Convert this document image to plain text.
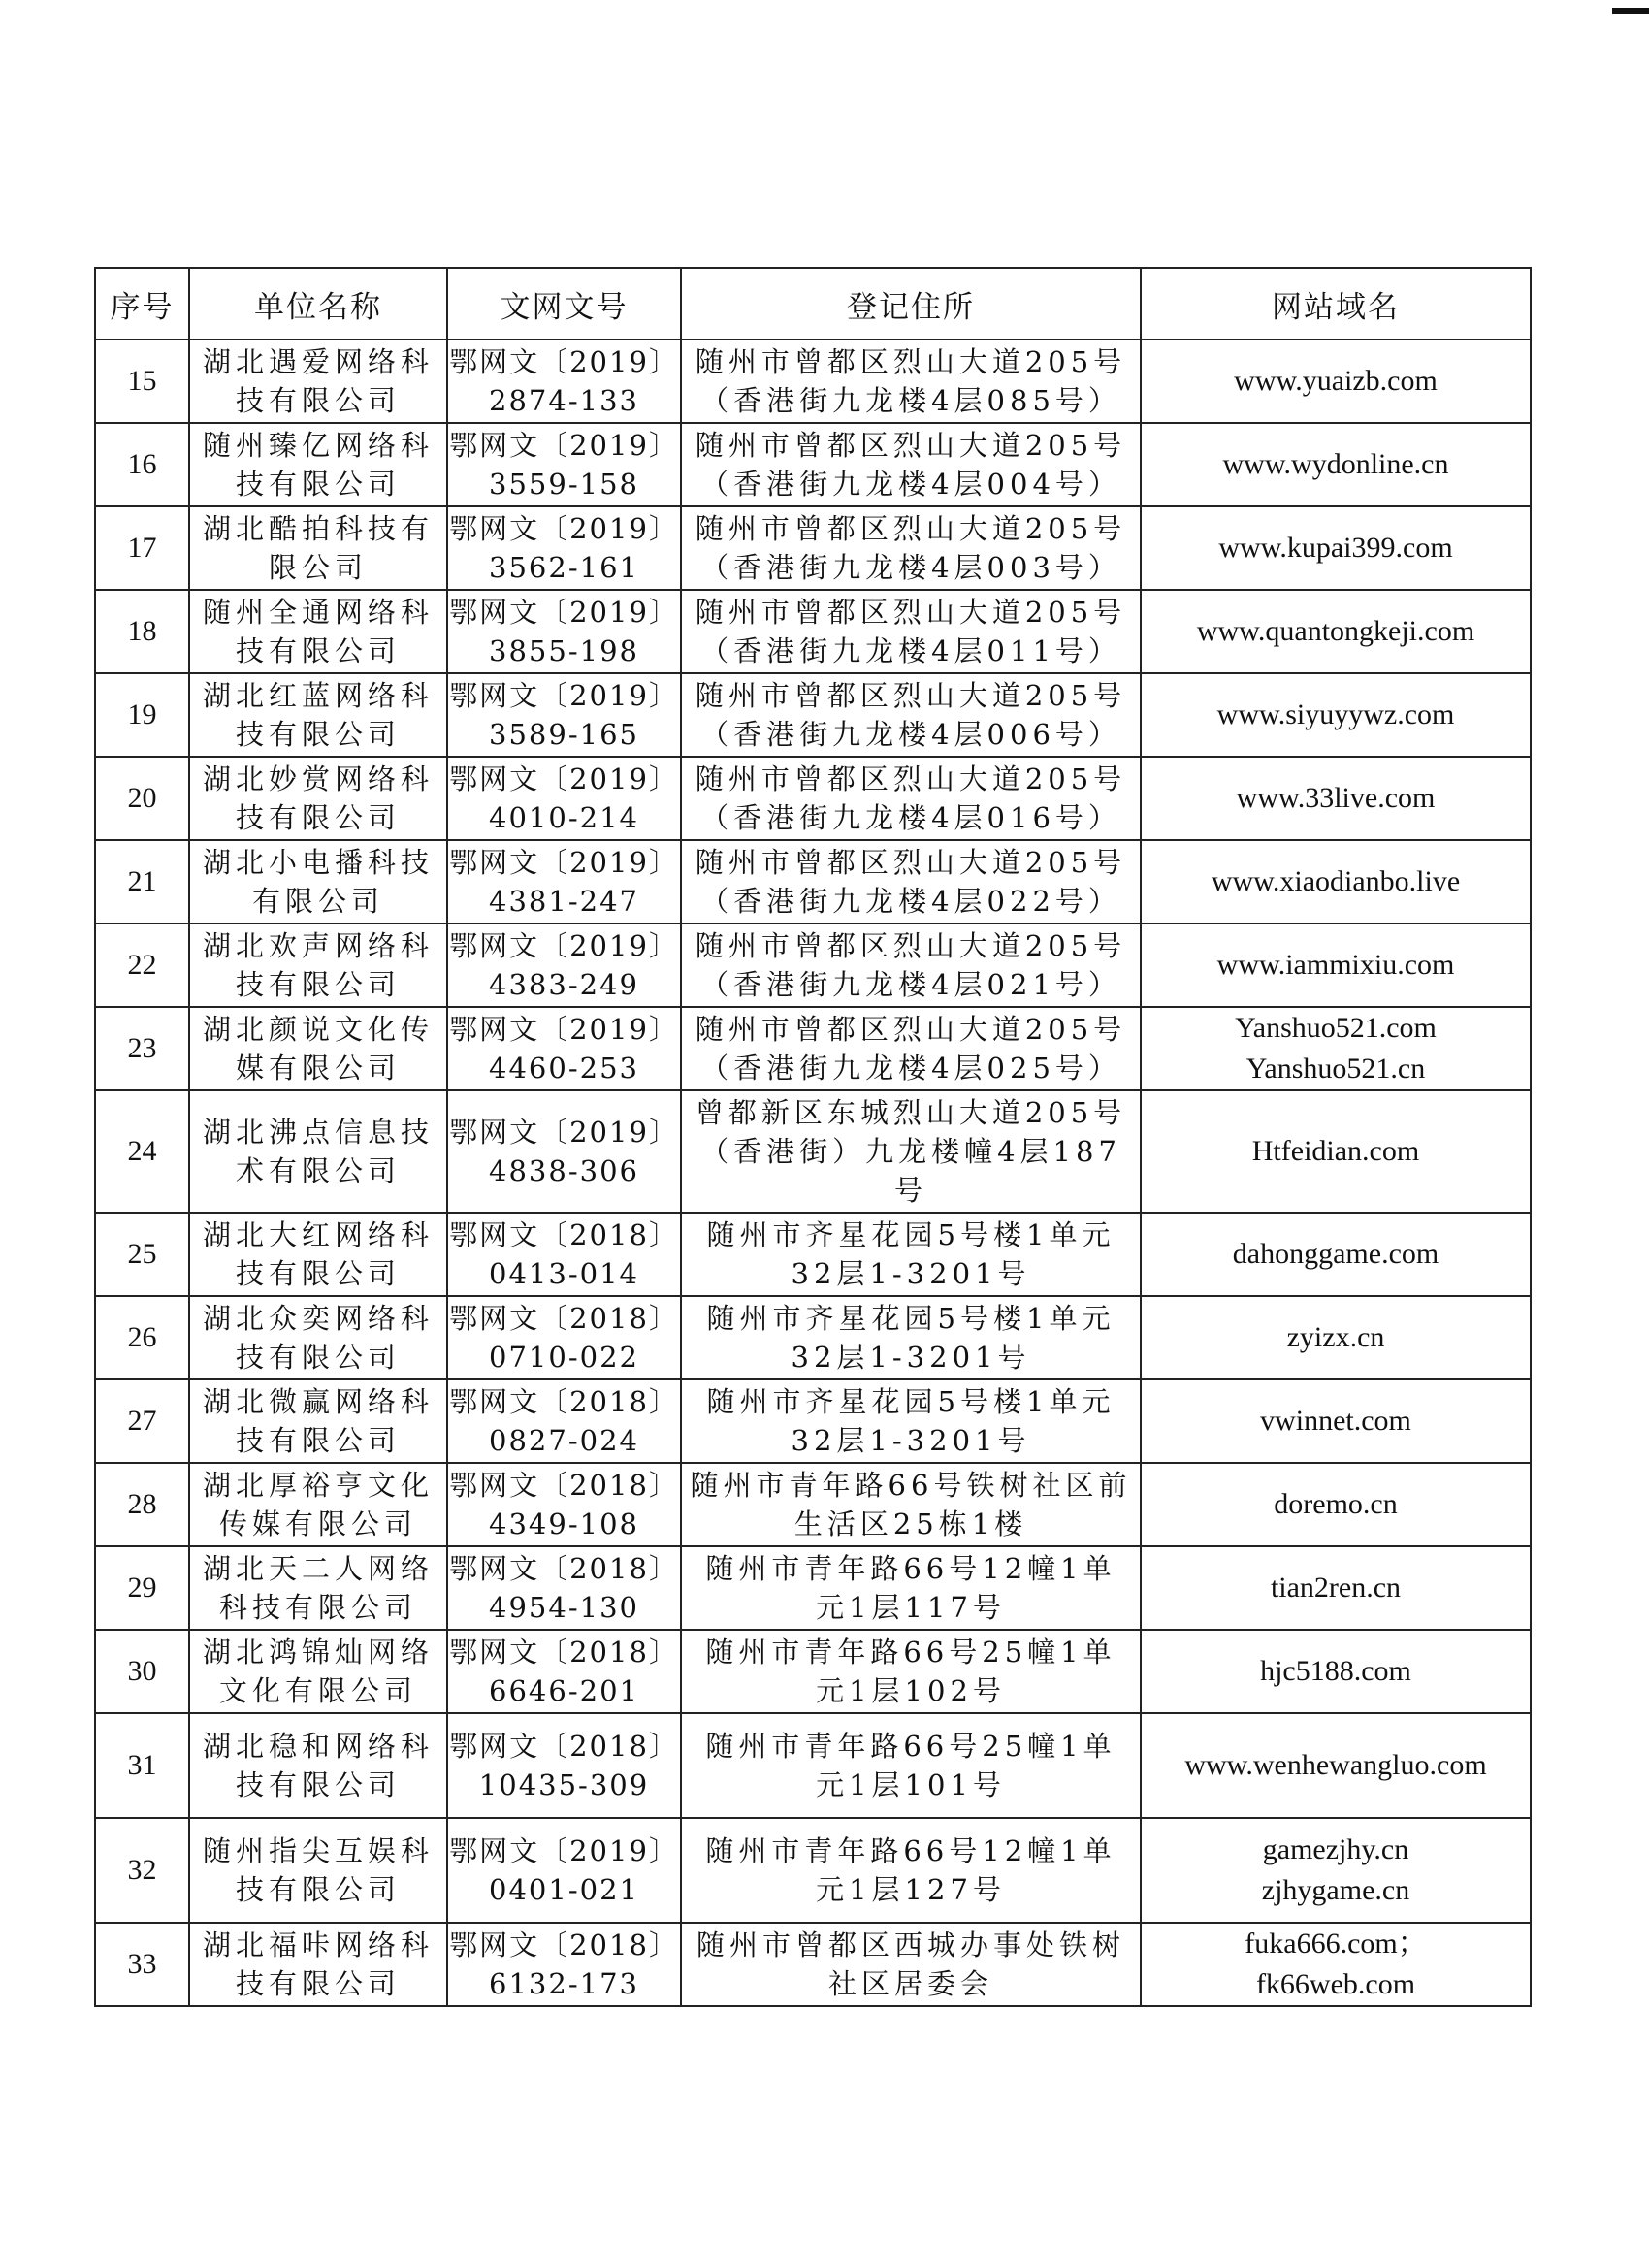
序号	单位名称	文网文号	登记住所	网站域名
15	湖北遇爱网络科
技有限公司	鄂网文〔2019〕
2874-133	随州市曾都区烈山大道205号
（香港街九龙楼4层085号）	www.yuaizb.com

16	随州臻亿网络科
技有限公司	鄂网文〔2019〕
3559-158	随州市曾都区烈山大道205号
（香港街九龙楼4层004号）	www.wydonline.cn

17	湖北酷拍科技有
限公司	鄂网文〔2019〕
3562-161	随州市曾都区烈山大道205号
（香港街九龙楼4层003号）	www.kupai399.com

18	随州全通网络科
技有限公司	鄂网文〔2019〕
3855-198	随州市曾都区烈山大道205号
（香港街九龙楼4层011号）	www.quantongkeji.com

19	湖北红蓝网络科
技有限公司	鄂网文〔2019〕
3589-165	随州市曾都区烈山大道205号
（香港街九龙楼4层006号）	www.siyuyywz.com

20	湖北妙赏网络科
技有限公司	鄂网文〔2019〕
4010-214	随州市曾都区烈山大道205号
（香港街九龙楼4层016号）	www.33live.com

21	湖北小电播科技
有限公司	鄂网文〔2019〕
4381-247	随州市曾都区烈山大道205号
（香港街九龙楼4层022号）	www.xiaodianbo.live

22	湖北欢声网络科
技有限公司	鄂网文〔2019〕
4383-249	随州市曾都区烈山大道205号
（香港街九龙楼4层021号）	www.iammixiu.com

23	湖北颜说文化传
媒有限公司	鄂网文〔2019〕
4460-253	随州市曾都区烈山大道205号
（香港街九龙楼4层025号）	Yanshuo521.com
Yanshuo521.cn

24	湖北沸点信息技
术有限公司	鄂网文〔2019〕
4838-306	曾都新区东城烈山大道205号
（香港街）九龙楼幢4层187
号	Htfeidian.com

25	湖北大红网络科
技有限公司	鄂网文〔2018〕
0413-014	随州市齐星花园5号楼1单元
32层1-3201号	dahonggame.com

26	湖北众奕网络科
技有限公司	鄂网文〔2018〕
0710-022	随州市齐星花园5号楼1单元
32层1-3201号	zyizx.cn

27	湖北微赢网络科
技有限公司	鄂网文〔2018〕
0827-024	随州市齐星花园5号楼1单元
32层1-3201号	vwinnet.com

28	湖北厚裕亨文化
传媒有限公司	鄂网文〔2018〕
4349-108	随州市青年路66号铁树社区前
生活区25栋1楼	doremo.cn

29	湖北天二人网络
科技有限公司	鄂网文〔2018〕
4954-130	随州市青年路66号12幢1单
元1层117号	tian2ren.cn

30	湖北鸿锦灿网络
文化有限公司	鄂网文〔2018〕
6646-201	随州市青年路66号25幢1单
元1层102号	hjc5188.com

31	湖北稳和网络科
技有限公司	鄂网文〔2018〕
10435-309	随州市青年路66号25幢1单
元1层101号	www.wenhewangluo.com

32	随州指尖互娱科
技有限公司	鄂网文〔2019〕
0401-021	随州市青年路66号12幢1单
元1层127号	gamezjhy.cn
zjhygame.cn

33	湖北福咔网络科
技有限公司	鄂网文〔2018〕
6132-173	随州市曾都区西城办事处铁树
社区居委会	fuka666.com；
fk66web.com
